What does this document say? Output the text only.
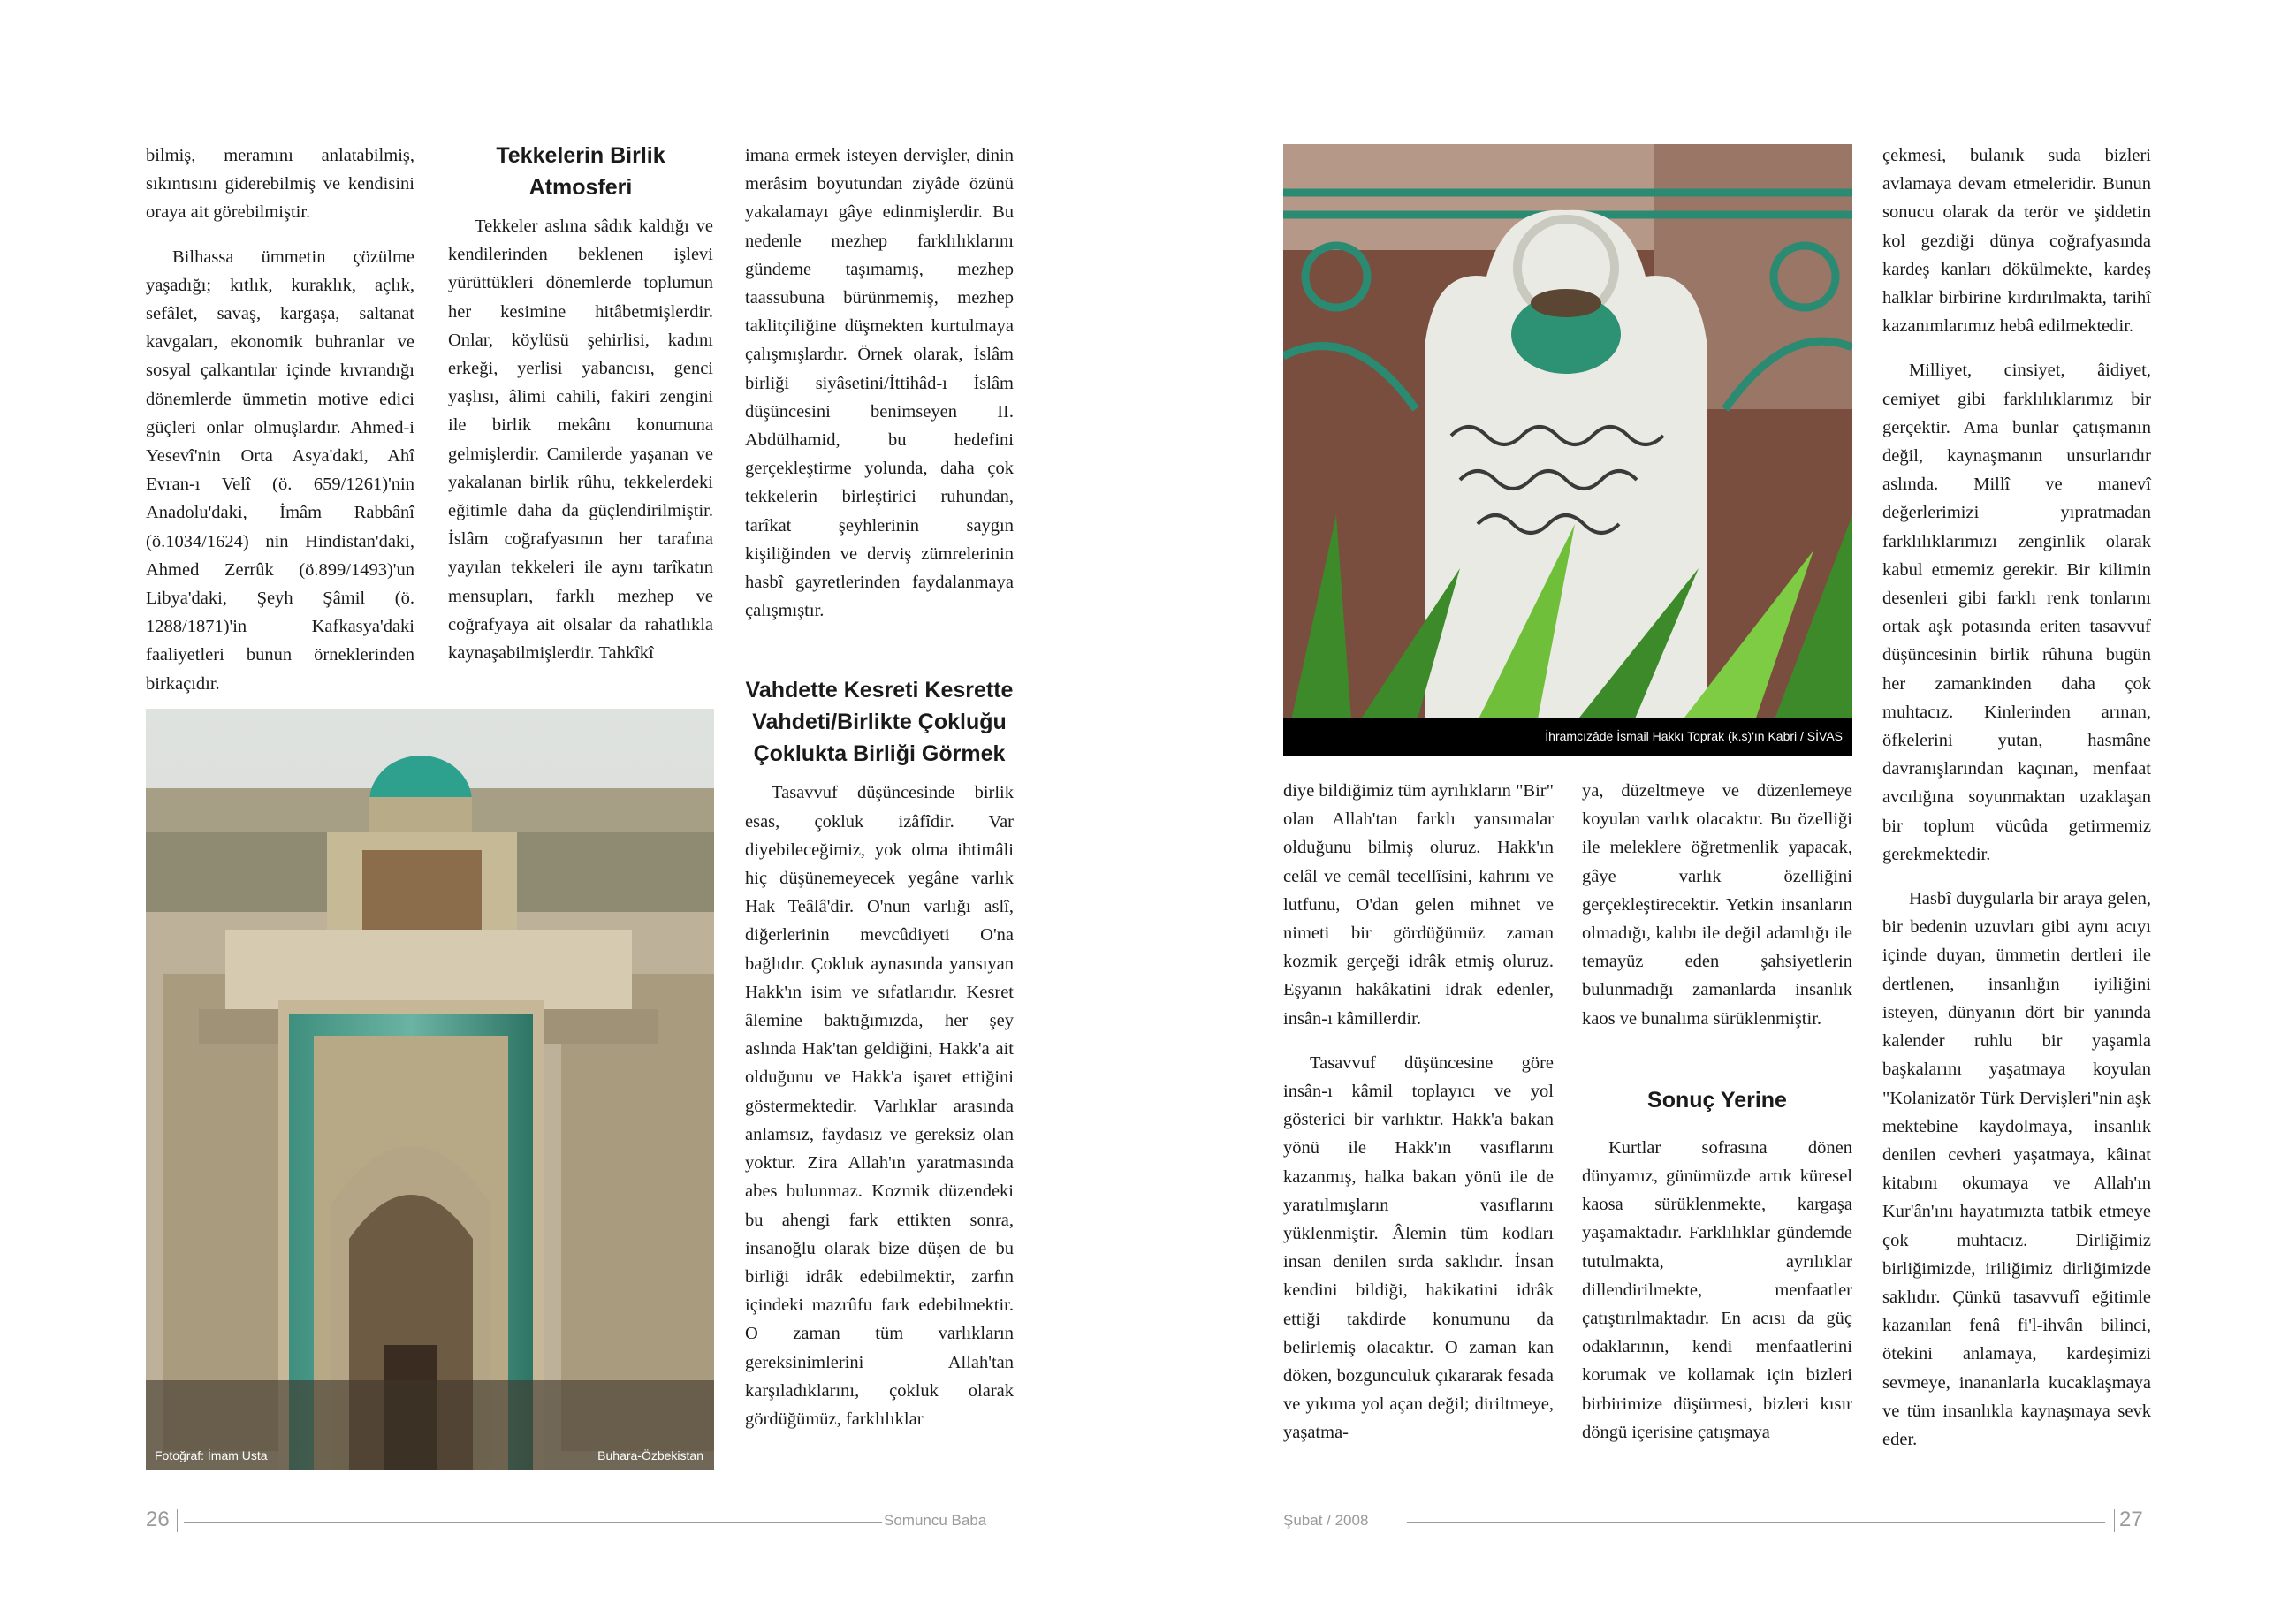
bilmiş, meramını anlatabilmiş, sıkıntısını giderebilmiş ve kendisini oraya ait görebilmiştir.

Bilhassa ümmetin çözülme yaşadığı; kıtlık, kuraklık, açlık, sefâlet, savaş, kargaşa, saltanat kavgaları, ekonomik buhranlar ve sosyal çalkantılar içinde kıvrandığı dönemlerde ümmetin motive edici güçleri onlar olmuşlardır. Ahmed-i Yesevî'nin Orta Asya'daki, Ahî Evran-ı Velî (ö. 659/1261)'nin Anadolu'daki, İmâm Rabbânî (ö.1034/1624) nin Hindistan'daki, Ahmed Zerrûk (ö.899/1493)'un Libya'daki, Şeyh Şâmil (ö. 1288/1871)'in Kafkasya'daki faaliyetleri bunun örneklerinden birkaçıdır.

Tekkelerin Birlik Atmosferi

Tekkeler aslına sâdık kaldığı ve kendilerinden beklenen işlevi yürüttükleri dönemlerde toplumun her kesimine hitâbetmişlerdir. Onlar, köylüsü şehirlisi, kadını erkeği, yerlisi yabancısı, genci yaşlısı, âlimi cahili, fakiri zengini ile birlik mekânı konumuna gelmişlerdir. Camilerde yaşanan ve yakalanan birlik rûhu, tekkelerdeki eğitimle daha da güçlendirilmiştir. İslâm coğrafyasının her tarafına yayılan tekkeleri ile aynı tarîkatın mensupları, farklı mezhep ve coğrafyaya ait olsalar da rahatlıkla kaynaşabilmişlerdir. Tahkîkî

imana ermek isteyen dervişler, dinin merâsim boyutundan ziyâde özünü yakalamayı gâye edinmişlerdir. Bu nedenle mezhep farklılıklarını gündeme taşımamış, mezhep taassubuna bürünmemiş, mezhep taklitçiliğine düşmekten kurtulmaya çalışmışlardır. Örnek olarak, İslâm birliği siyâsetini/İttihâd-ı İslâm düşüncesini benimseyen II. Abdülhamid, bu hedefini gerçekleştirme yolunda, daha çok tekkelerin birleştirici ruhundan, tarîkat şeyhlerinin saygın kişiliğinden ve derviş zümrelerinin hasbî gayretlerinden faydalanmaya çalışmıştır.

Vahdette Kesreti Kesrette Vahdeti/Birlikte Çokluğu Çoklukta Birliği Görmek

Tasavvuf düşüncesinde birlik esas, çokluk izâfîdir. Var diyebileceğimiz, yok olma ihtimâli hiç düşünemeyecek yegâne varlık Hak Teâlâ'dir. O'nun varlığı aslî, diğerlerinin mevcûdiyeti O'na bağlıdır. Çokluk aynasında yansıyan Hakk'ın isim ve sıfatlarıdır. Kesret âlemine baktığımızda, her şey aslında Hak'tan geldiğini, Hakk'a ait olduğunu ve Hakk'a işaret ettiğini göstermektedir. Varlıklar arasında anlamsız, faydasız ve gereksiz olan yoktur. Zira Allah'ın yaratmasında abes bulunmaz. Kozmik düzendeki bu ahengi fark ettikten sonra, insanoğlu olarak bize düşen de bu birliği idrâk edebilmektir, zarfın içindeki mazrûfu fark edebilmektir. O zaman tüm varlıkların gereksinimlerini Allah'tan karşıladıklarını, çokluk olarak gördüğümüz, farklılıklar

Fotoğraf: İmam Usta	Buhara-Özbekistan
26	Somuncu Baba
İhramcızâde İsmail Hakkı Toprak (k.s)'ın Kabri / SİVAS

diye bildiğimiz tüm ayrılıkların "Bir" olan Allah'tan farklı yansımalar olduğunu bilmiş oluruz. Hakk'ın celâl ve cemâl tecellîsini, kahrını ve lutfunu, O'dan gelen mihnet ve nimeti bir gördüğümüz zaman kozmik gerçeği idrâk etmiş oluruz. Eşyanın hakâkatini idrak edenler, insân-ı kâmillerdir.

Tasavvuf düşüncesine göre insân-ı kâmil toplayıcı ve yol gösterici bir varlıktır. Hakk'a bakan yönü ile Hakk'ın vasıflarını kazanmış, halka bakan yönü ile de yaratılmışların vasıflarını yüklenmiştir. Âlemin tüm kodları insan denilen sırda saklıdır. İnsan kendini bildiği, hakikatini idrâk ettiği takdirde konumunu da belirlemiş olacaktır. O zaman kan döken, bozgunculuk çıkararak fesada ve yıkıma yol açan değil; diriltmeye, yaşatma-

ya, düzeltmeye ve düzenlemeye koyulan varlık olacaktır. Bu özelliği ile meleklere öğretmenlik yapacak, gâye varlık özelliğini gerçekleştirecektir. Yetkin insanların olmadığı, kalıbı ile değil adamlığı ile temayüz eden şahsiyetlerin bulunmadığı zamanlarda insanlık kaos ve bunalıma sürüklenmiştir.

Sonuç Yerine

Kurtlar sofrasına dönen dünyamız, günümüzde artık küresel kaosa sürüklenmekte, kargaşa yaşamaktadır. Farklılıklar gündemde tutulmakta, ayrılıklar dillendirilmekte, menfaatler çatıştırılmaktadır. En acısı da güç odaklarının, kendi menfaatlerini korumak ve kollamak için bizleri birbirimize düşürmesi, bizleri kısır döngü içerisine çatışmaya

çekmesi, bulanık suda bizleri avlamaya devam etmeleridir. Bunun sonucu olarak da terör ve şiddetin kol gezdiği dünya coğrafyasında kardeş kanları dökülmekte, kardeş halklar birbirine kırdırılmakta, tarihî kazanımlarımız hebâ edilmektedir.

Milliyet, cinsiyet, âidiyet, cemiyet gibi farklılıklarımız bir gerçektir. Ama bunlar çatışmanın değil, kaynaşmanın unsurlarıdır aslında. Millî ve manevî değerlerimizi yıpratmadan farklılıklarımızı zenginlik olarak kabul etmemiz gerekir. Bir kilimin desenleri gibi farklı renk tonlarını ortak aşk potasında eriten tasavvuf düşüncesinin birlik rûhuna bugün her zamankinden daha çok muhtacız. Kinlerinden arınan, öfkelerini yutan, hasmâne davranışlarından kaçınan, menfaat avcılığına soyunmaktan uzaklaşan bir toplum vücûda getirmemiz gerekmektedir.

Hasbî duygularla bir araya gelen, bir bedenin uzuvları gibi aynı acıyı içinde duyan, ümmetin dertleri ile dertlenen, insanlığın iyiliğini isteyen, dünyanın dört bir yanında kalender ruhlu bir yaşamla başkalarını yaşatmaya koyulan "Kolanizatör Türk Dervişleri"nin aşk mektebine kaydolmaya, insanlık denilen cevheri yaşatmaya, kâinat kitabını okumaya ve Allah'ın Kur'ân'ını hayatımızta tatbik etmeye çok muhtacız. Dirliğimiz birliğimizde, iriliğimiz dirliğimizde saklıdır. Çünkü tasavvufî eğitimle kazanılan fenâ fi'l-ihvân bilinci, ötekini anlamaya, kardeşimizi sevmeye, inananlarla kucaklaşmaya ve tüm insanlıkla kaynaşmaya sevk eder.

Şubat / 2008	27
